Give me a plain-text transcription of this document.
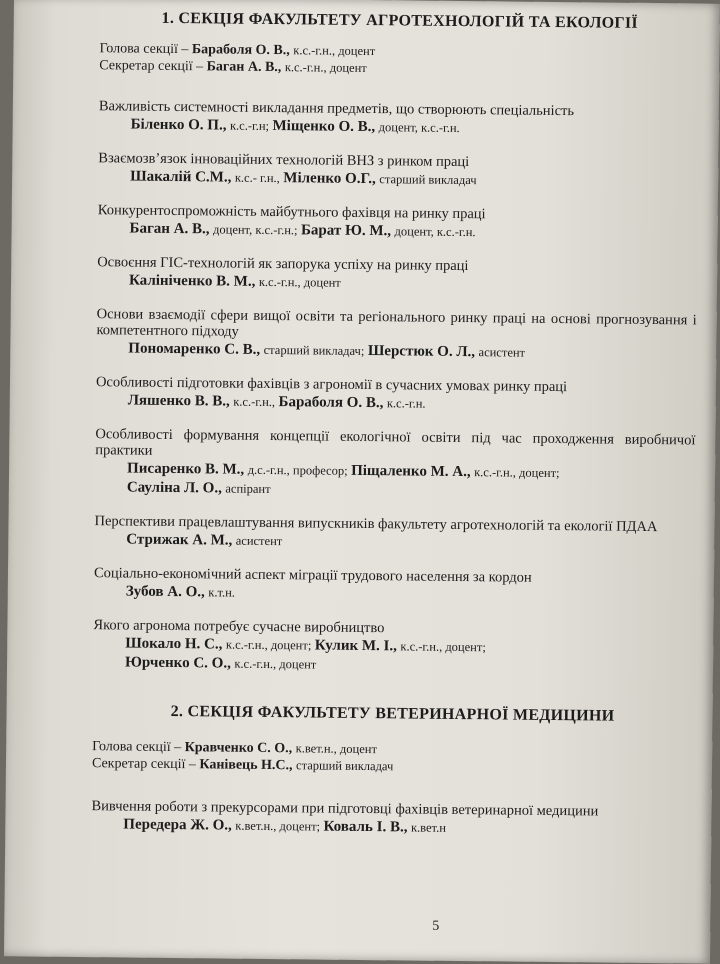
1. СЕКЦІЯ ФАКУЛЬТЕТУ АГРОТЕХНОЛОГІЙ ТА ЕКОЛОГІЇ

Голова секції – Бараболя О. В., к.с.-г.н., доцент

Секретар секції – Баган А. В., к.с.-г.н., доцент

Важливість системності викладання предметів, що створюють спеціальність
Біленко О. П., к.с.-г.н; Міщенко О. В., доцент, к.с.-г.н.
Взаємозв’язок інноваційних технологій ВНЗ з ринком праці
Шакалій С.М., к.с.- г.н., Міленко О.Г., старший викладач
Конкурентоспроможність майбутнього фахівця на ринку праці
Баган А. В., доцент, к.с.-г.н.; Барат Ю. М., доцент, к.с.-г.н.
Освоєння ГІС-технологій як запорука успіху на ринку праці
Калініченко В. М., к.с.-г.н., доцент
Основи взаємодії сфери вищої освіти та регіонального ринку праці на основі прогнозування і компетентного підходу
Пономаренко С. В., старший викладач; Шерстюк О. Л., асистент
Особливості підготовки фахівців з агрономії в сучасних умовах ринку праці
Ляшенко В. В., к.с.-г.н., Бараболя О. В., к.с.-г.н.
Особливості формування концепції екологічної освіти під час проходження виробничої практики
Писаренко В. М., д.с.-г.н., професор; Піщаленко М. А., к.с.-г.н., доцент;
Сауліна Л. О., аспірант
Перспективи працевлаштування випускників факультету агротехнологій та екології ПДАА
Стрижак А. М., асистент
Соціально-економічний аспект міграції трудового населення за кордон
Зубов А. О., к.т.н.
Якого агронома потребує сучасне виробництво
Шокало Н. С., к.с.-г.н., доцент; Кулик М. І., к.с.-г.н., доцент;
Юрченко С. О., к.с.-г.н., доцент

2. СЕКЦІЯ ФАКУЛЬТЕТУ ВЕТЕРИНАРНОЇ МЕДИЦИНИ

Голова секції – Кравченко С. О., к.вет.н., доцент

Секретар секції – Канівець Н.С., старший викладач

Вивчення роботи з прекурсорами при підготовці фахівців ветеринарної медицини
Передера Ж. О., к.вет.н., доцент; Коваль І. В., к.вет.н
5
